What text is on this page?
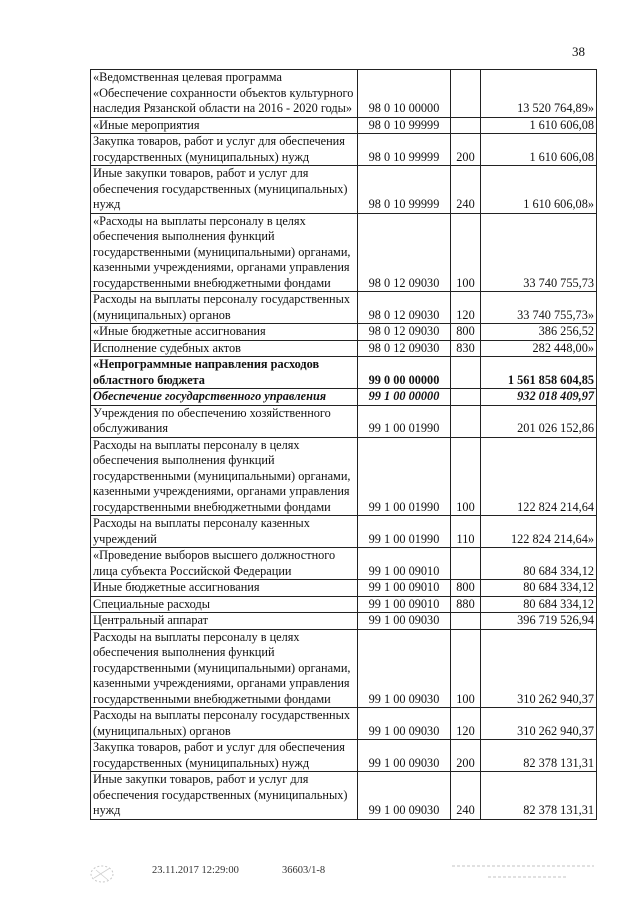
38
«Ведомственная целевая программа «Обеспечение сохранности объектов культурного наследия Рязанской области на 2016 - 2020 годы»	98 0 10 00000		13 520 764,89»
«Иные мероприятия	98 0 10 99999		1 610 606,08
Закупка товаров, работ и услуг для обеспечения государственных (муниципальных) нужд	98 0 10 99999	200	1 610 606,08
Иные закупки товаров, работ и услуг для обеспечения государственных (муниципальных) нужд	98 0 10 99999	240	1 610 606,08»
«Расходы на выплаты персоналу в целях обеспечения выполнения функций государственными (муниципальными) органами, казенными учреждениями, органами управления государственными внебюджетными фондами	98 0 12 09030	100	33 740 755,73
Расходы на выплаты персоналу государственных (муниципальных) органов	98 0 12 09030	120	33 740 755,73»
«Иные бюджетные ассигнования	98 0 12 09030	800	386 256,52
Исполнение судебных актов	98 0 12 09030	830	282 448,00»
«Непрограммные направления расходов областного бюджета	99 0 00 00000		1 561 858 604,85
Обеспечение государственного управления	99 1 00 00000		932 018 409,97
Учреждения по обеспечению хозяйственного обслуживания	99 1 00 01990		201 026 152,86
Расходы на выплаты персоналу в целях обеспечения выполнения функций государственными (муниципальными) органами, казенными учреждениями, органами управления государственными внебюджетными фондами	99 1 00 01990	100	122 824 214,64
Расходы на выплаты персоналу казенных учреждений	99 1 00 01990	110	122 824 214,64»
«Проведение выборов высшего должностного лица субъекта Российской Федерации	99 1 00 09010		80 684 334,12
Иные бюджетные ассигнования	99 1 00 09010	800	80 684 334,12
Специальные расходы	99 1 00 09010	880	80 684 334,12
Центральный аппарат	99 1 00 09030		396 719 526,94
Расходы на выплаты персоналу в целях обеспечения выполнения функций государственными (муниципальными) органами, казенными учреждениями, органами управления государственными внебюджетными фондами	99 1 00 09030	100	310 262 940,37
Расходы на выплаты персоналу государственных (муниципальных) органов	99 1 00 09030	120	310 262 940,37
Закупка товаров, работ и услуг для обеспечения государственных (муниципальных) нужд	99 1 00 09030	200	82 378 131,31
Иные закупки товаров, работ и услуг для обеспечения государственных (муниципальных) нужд	99 1 00 09030	240	82 378 131,31
23.11.2017 12:29:00	36603/1-8
